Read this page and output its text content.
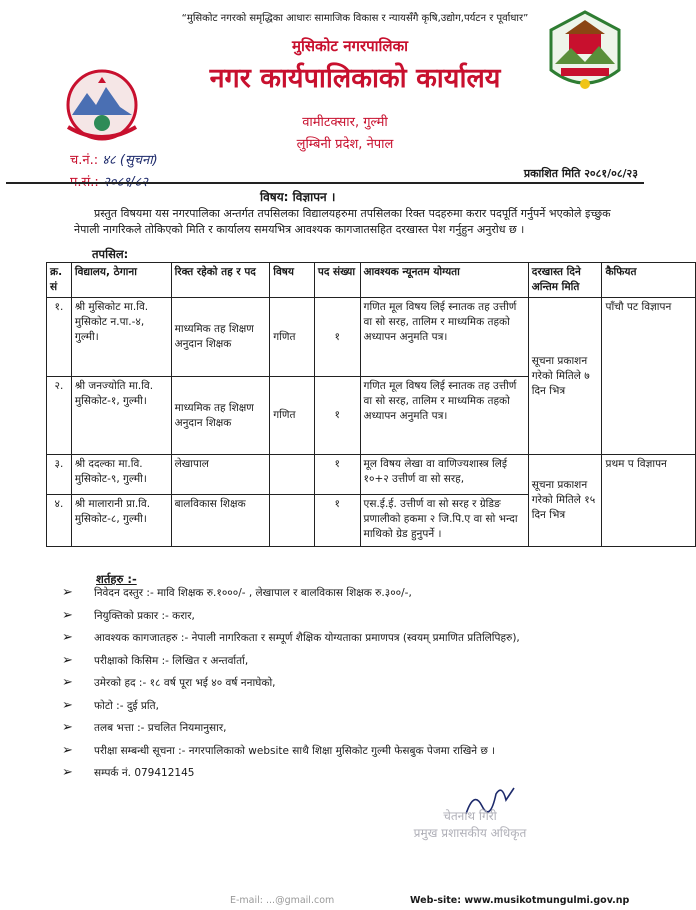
“मुसिकोट नगरको समृद्धिका आधारः सामाजिक विकास र न्यायसँगै कृषि,उद्योग,पर्यटन र पूर्वाधार”
मुसिकोट नगरपालिका
नगर कार्यपालिकाको कार्यालय
वामीटक्सार, गुल्मी
लुम्बिनी प्रदेश, नेपाल
च.नं.: ४८ (सुचना)
प.सं.: २०८१/८२
प्रकाशित मिति २०८१/०८/२३
विषय: विज्ञापन ।
प्रस्तुत विषयमा यस नगरपालिका अन्तर्गत तपसिलका विद्यालयहरुमा तपसिलका रिक्त पदहरुमा करार पदपूर्ति गर्नुपर्ने भएकोले इच्छुक नेपाली नागरिकले तोकिएको मिति र कार्यालय समयभित्र आवश्यक कागजातसहित दरखास्त पेश गर्नुहुन अनुरोध छ ।
तपसिल:
क्र. सं	विद्यालय, ठेगाना	रिक्त रहेको तह र पद	विषय	पद संख्या	आवश्यक न्यूनतम योग्यता	दरखास्त दिने अन्तिम मिति	कैफियत
१.	श्री मुसिकोट मा.वि. मुसिकोट न.पा.-४, गुल्मी।	माध्यमिक तह शिक्षण अनुदान शिक्षक	गणित	१	गणित मूल विषय लिई स्नातक तह उत्तीर्ण वा सो सरह, तालिम र माध्यमिक तहको अध्यापन अनुमति पत्र।	सूचना प्रकाशन गरेको मितिले ७ दिन भित्र	पाँचौ पट विज्ञापन
२.	श्री जनज्योति मा.वि. मुसिकोट-१, गुल्मी।	माध्यमिक तह शिक्षण अनुदान शिक्षक	गणित	१	गणित मूल विषय लिई स्नातक तह उत्तीर्ण वा सो सरह, तालिम र माध्यमिक तहको अध्यापन अनुमति पत्र।		
३.	श्री ददल्का मा.वि. मुसिकोट-९, गुल्मी।	लेखापाल		१	मूल विषय लेखा वा वाणिज्यशास्त्र लिई १०+२ उत्तीर्ण वा सो सरह,	सूचना प्रकाशन गरेको मितिले १५ दिन भित्र	प्रथम प विज्ञापन
४.	श्री मालारानी प्रा.वि. मुसिकोट-८, गुल्मी।	बालविकास शिक्षक		१	एस.ई.ई. उत्तीर्ण वा सो सरह र ग्रेडिङ प्रणालीको हकमा २ जि.पि.ए वा सो भन्दा माथिको ग्रेड हुनुपर्ने ।		
शर्तहरु :-
➢	निवेदन दस्तुर :- मावि शिक्षक रु.१०००/- , लेखापाल र बालविकास शिक्षक रु.३००/-,
➢	नियुक्तिको प्रकार :- करार,
➢	आवश्यक कागजातहरु :- नेपाली नागरिकता र सम्पूर्ण शैक्षिक योग्यताका प्रमाणपत्र (स्वयम् प्रमाणित प्रतिलिपिहरु),
➢	परीक्षाको किसिम :- लिखित र अन्तर्वार्ता,
➢	उमेरको हद :- १८ वर्ष पूरा भई ४० वर्ष ननाघेको,
➢	फोटो :- दुई प्रति,
➢	तलब भत्ता :- प्रचलित नियमानुसार,
➢	परीक्षा सम्बन्धी सूचना :- नगरपालिकाको website साथै शिक्षा मुसिकोट गुल्मी फेसबुक पेजमा राखिने छ ।
➢	सम्पर्क नं. 079412145
चेतनाथ गिरी
प्रमुख प्रशासकीय अधिकृत
E-mail: ...@gmail.com	Web-site: www.musikotmungulmi.gov.np
